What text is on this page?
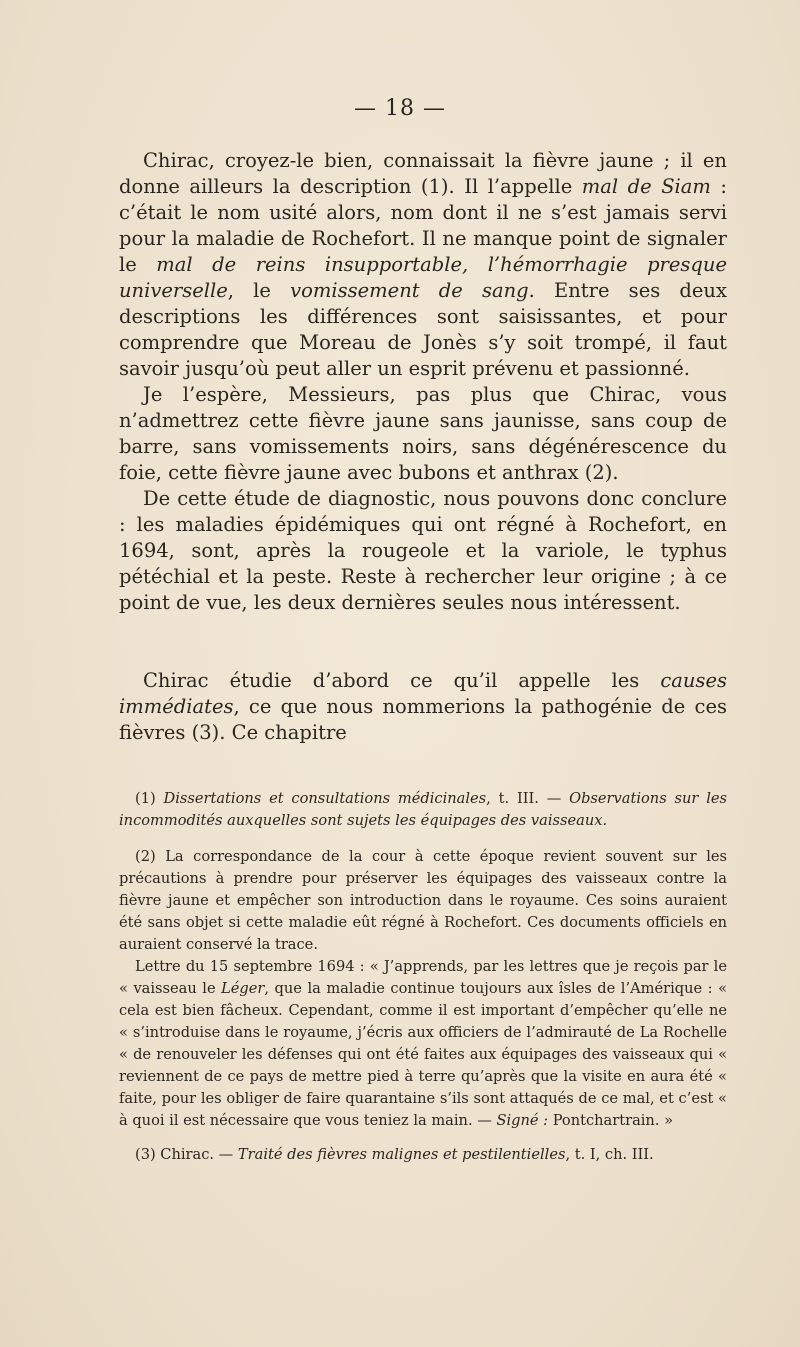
— 18 —

Chirac, croyez-le bien, connaissait la fièvre jaune ; il en donne ailleurs la description (1). Il l’appelle mal de Siam : c’était le nom usité alors, nom dont il ne s’est jamais servi pour la maladie de Rochefort. Il ne manque point de signaler le mal de reins insupportable, l’hémorrhagie presque universelle, le vomissement de sang. Entre ses deux descriptions les différences sont saisissantes, et pour comprendre que Moreau de Jonès s’y soit trompé, il faut savoir jusqu’où peut aller un esprit prévenu et passionné.

Je l’espère, Messieurs, pas plus que Chirac, vous n’admettrez cette fièvre jaune sans jaunisse, sans coup de barre, sans vomissements noirs, sans dégénérescence du foie, cette fièvre jaune avec bubons et anthrax (2).

De cette étude de diagnostic, nous pouvons donc conclure : les maladies épidémiques qui ont régné à Rochefort, en 1694, sont, après la rougeole et la variole, le typhus pétéchial et la peste. Reste à rechercher leur origine ; à ce point de vue, les deux dernières seules nous intéressent.

Chirac étudie d’abord ce qu’il appelle les causes immédiates, ce que nous nommerions la pathogénie de ces fièvres (3). Ce chapitre

(1) Dissertations et consultations médicinales, t. III. — Observations sur les incommodités auxquelles sont sujets les équipages des vaisseaux.

(2) La correspondance de la cour à cette époque revient souvent sur les précautions à prendre pour préserver les équipages des vaisseaux contre la fièvre jaune et empêcher son introduction dans le royaume. Ces soins auraient été sans objet si cette maladie eût régné à Rochefort. Ces documents officiels en auraient conservé la trace.

Lettre du 15 septembre 1694 : « J’apprends, par les lettres que je reçois par le « vaisseau le Léger, que la maladie continue toujours aux îsles de l’Amérique : « cela est bien fâcheux. Cependant, comme il est important d’empêcher qu’elle ne « s’introduise dans le royaume, j’écris aux officiers de l’admirauté de La Rochelle « de renouveler les défenses qui ont été faites aux équipages des vaisseaux qui « reviennent de ce pays de mettre pied à terre qu’après que la visite en aura été « faite, pour les obliger de faire quarantaine s’ils sont attaqués de ce mal, et c’est « à quoi il est nécessaire que vous teniez la main. — Signé : Pontchartrain. »

(3) Chirac. — Traité des fièvres malignes et pestilentielles, t. I, ch. III.
